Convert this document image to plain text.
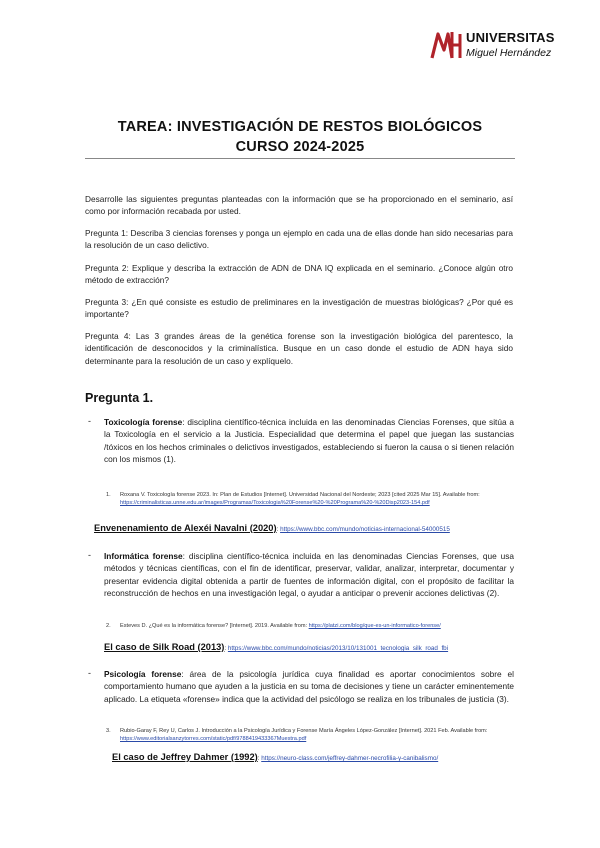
UNIVERSITAS
Miguel Hernández
TAREA: INVESTIGACIÓN DE RESTOS BIOLÓGICOS
CURSO 2024-2025
Desarrolle las siguientes preguntas planteadas con la información que se ha proporcionado en el seminario, así como por información recabada por usted.
Pregunta 1: Describa 3 ciencias forenses y ponga un ejemplo en cada una de ellas donde han sido necesarias para la resolución de un caso delictivo.
Pregunta 2: Explique y describa la extracción de ADN de DNA IQ explicada en el seminario. ¿Conoce algún otro método de extracción?
Pregunta 3: ¿En qué consiste es estudio de preliminares en la investigación de muestras biológicas? ¿Por qué es importante?
Pregunta 4: Las 3 grandes áreas de la genética forense son la investigación biológica del parentesco, la identificación de desconocidos y la criminalística. Busque en un caso donde el estudio de ADN haya sido determinante para la resolución de un caso y explíquelo.
Pregunta 1.
- Toxicología forense: disciplina científico-técnica incluida en las denominadas Ciencias Forenses, que sitúa a la Toxicología en el servicio a la Justicia. Especialidad que determina el papel que juegan las sustancias /tóxicos en los hechos criminales o delictivos investigados, estableciendo si fueron la causa o si tienen relación con los mismos (1).
1. Roxana V. Toxicología forense 2023. In: Plan de Estudios [Internet]. Universidad Nacional del Nordeste; 2023 [cited 2025 Mar 15]. Available from: https://criminalisticas.unne.edu.ar/images/Programas/Toxicologia%20Forense%20-%20Programa%20-%20Disp2023-154.pdf
Envenenamiento de Alexéi Navalni (2020): https://www.bbc.com/mundo/noticias-internacional-54000515
- Informática forense: disciplina científico-técnica incluida en las denominadas Ciencias Forenses, que usa métodos y técnicas científicas, con el fin de identificar, preservar, validar, analizar, interpretar, documentar y presentar evidencia digital obtenida a partir de fuentes de información digital, con el propósito de facilitar la reconstrucción de hechos en una investigación legal, o ayudar a anticipar o prevenir acciones delictivas (2).
2. Esteves D. ¿Qué es la informática forense? [Internet]. 2019. Available from: https://platzi.com/blog/que-es-un-informatico-forense/
El caso de Silk Road (2013): https://www.bbc.com/mundo/noticias/2013/10/131001_tecnologia_silk_road_fbi
- Psicología forense: área de la psicología jurídica cuya finalidad es aportar conocimientos sobre el comportamiento humano que ayuden a la justicia en su toma de decisiones y tiene un carácter eminentemente aplicado. La etiqueta «forense» indica que la actividad del psicólogo se realiza en los tribunales de justicia (3).
3. Rubio-Garay F, Rey U, Carlos J. Introducción a la Psicología Jurídica y Forense María Ángeles López-González [Internet]. 2021 Feb. Available from: https://www.editorialsanzytorres.com/static/pdf/9788419433367Muestra.pdf
El caso de Jeffrey Dahmer (1992): https://neuro-class.com/jeffrey-dahmer-necrofilia-y-canibalismo/
